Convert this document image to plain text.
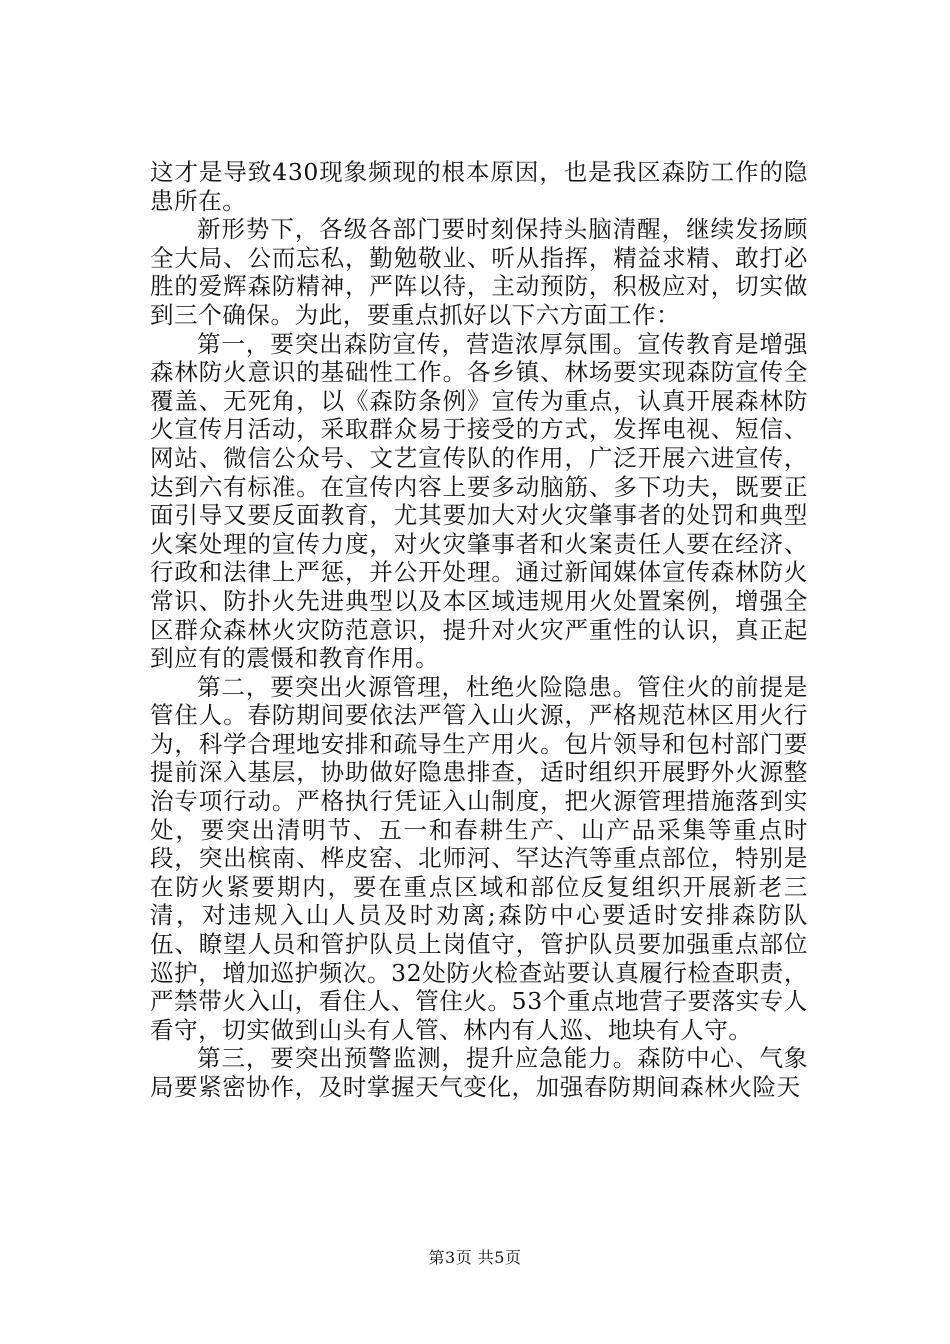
这才是导致430现象频现的根本原因，也是我区森防工作的隐患所在。

新形势下，各级各部门要时刻保持头脑清醒，继续发扬顾全大局、公而忘私，勤勉敬业、听从指挥，精益求精、敢打必胜的爱辉森防精神，严阵以待，主动预防，积极应对，切实做到三个确保。为此，要重点抓好以下六方面工作：

第一，要突出森防宣传，营造浓厚氛围。宣传教育是增强森林防火意识的基础性工作。各乡镇、林场要实现森防宣传全覆盖、无死角，以《森防条例》宣传为重点，认真开展森林防火宣传月活动，采取群众易于接受的方式，发挥电视、短信、网站、微信公众号、文艺宣传队的作用，广泛开展六进宣传，达到六有标准。在宣传内容上要多动脑筋、多下功夫，既要正面引导又要反面教育，尤其要加大对火灾肇事者的处罚和典型火案处理的宣传力度，对火灾肇事者和火案责任人要在经济、行政和法律上严惩，并公开处理。通过新闻媒体宣传森林防火常识、防扑火先进典型以及本区域违规用火处置案例，增强全区群众森林火灾防范意识，提升对火灾严重性的认识，真正起到应有的震慑和教育作用。

第二，要突出火源管理，杜绝火险隐患。管住火的前提是管住人。春防期间要依法严管入山火源，严格规范林区用火行为，科学合理地安排和疏导生产用火。包片领导和包村部门要提前深入基层，协助做好隐患排查，适时组织开展野外火源整治专项行动。严格执行凭证入山制度，把火源管理措施落到实处，要突出清明节、五一和春耕生产、山产品采集等重点时段，突出槟南、桦皮窑、北师河、罕达汽等重点部位，特别是在防火紧要期内，要在重点区域和部位反复组织开展新老三清，对违规入山人员及时劝离;森防中心要适时安排森防队伍、瞭望人员和管护队员上岗值守，管护队员要加强重点部位巡护，增加巡护频次。32处防火检查站要认真履行检查职责，严禁带火入山，看住人、管住火。53个重点地营子要落实专人看守，切实做到山头有人管、林内有人巡、地块有人守。

第三，要突出预警监测，提升应急能力。森防中心、气象局要紧密协作，及时掌握天气变化，加强春防期间森林火险天

第3页 共5页
